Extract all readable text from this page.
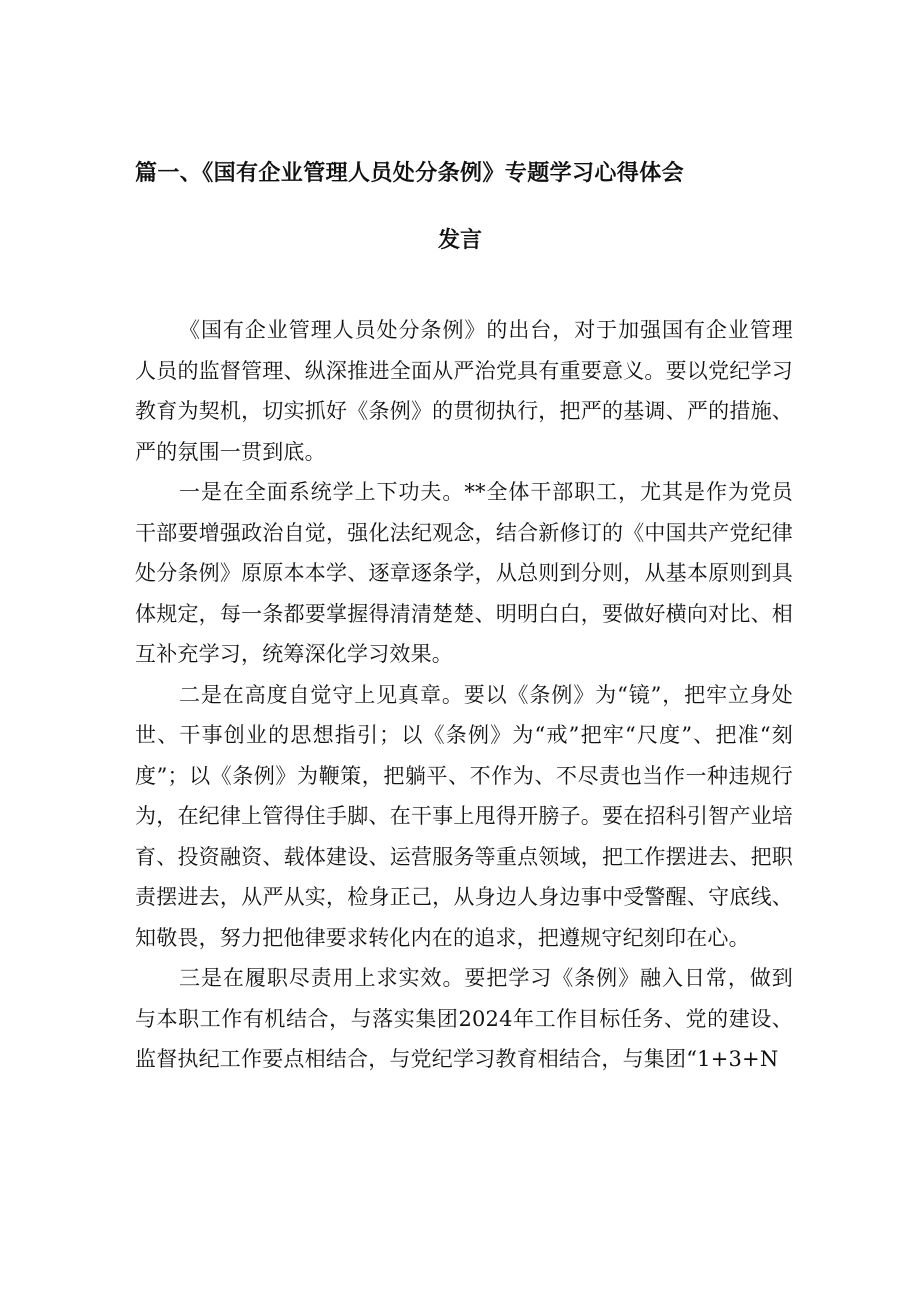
篇一、《国有企业管理人员处分条例》专题学习心得体会
发言

《国有企业管理人员处分条例》的出台，对于加强国有企业管理人员的监督管理、纵深推进全面从严治党具有重要意义。要以党纪学习教育为契机，切实抓好《条例》的贯彻执行，把严的基调、严的措施、严的氛围一贯到底。

一是在全面系统学上下功夫。**全体干部职工，尤其是作为党员干部要增强政治自觉，强化法纪观念，结合新修订的《中国共产党纪律处分条例》原原本本学、逐章逐条学，从总则到分则，从基本原则到具体规定，每一条都要掌握得清清楚楚、明明白白，要做好横向对比、相互补充学习，统筹深化学习效果。

二是在高度自觉守上见真章。要以《条例》为“镜”，把牢立身处世、干事创业的思想指引；以《条例》为“戒”把牢“尺度”、把准“刻度”；以《条例》为鞭策，把躺平、不作为、不尽责也当作一种违规行为，在纪律上管得住手脚、在干事上甩得开膀子。要在招科引智产业培育、投资融资、载体建设、运营服务等重点领域，把工作摆进去、把职责摆进去，从严从实，检身正己，从身边人身边事中受警醒、守底线、知敬畏，努力把他律要求转化内在的追求，把遵规守纪刻印在心。

三是在履职尽责用上求实效。要把学习《条例》融入日常，做到与本职工作有机结合，与落实集团2024年工作目标任务、党的建设、监督执纪工作要点相结合，与党纪学习教育相结合，与集团“1+3+N
